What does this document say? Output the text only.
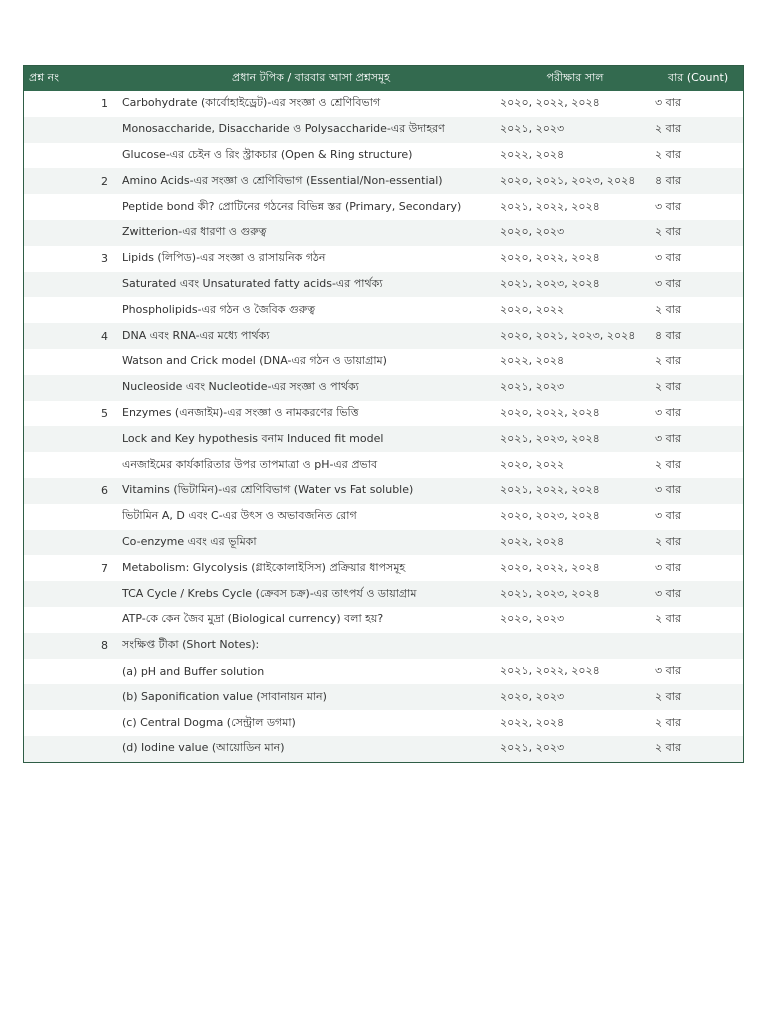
প্রশ্ন নং	প্রধান টপিক / বারবার আসা প্রশ্নসমূহ	পরীক্ষার সাল	বার (Count)
1	Carbohydrate (কার্বোহাইড্রেট)-এর সংজ্ঞা ও শ্রেণিবিভাগ	২০২০, ২০২২, ২০২৪	৩ বার
	Monosaccharide, Disaccharide ও Polysaccharide-এর উদাহরণ	২০২১, ২০২৩	২ বার
	Glucose-এর চেইন ও রিং স্ট্রাকচার (Open & Ring structure)	২০২২, ২০২৪	২ বার
2	Amino Acids-এর সংজ্ঞা ও শ্রেণিবিভাগ (Essential/Non-essential)	২০২০, ২০২১, ২০২৩, ২০২৪	৪ বার
	Peptide bond কী? প্রোটিনের গঠনের বিভিন্ন স্তর (Primary, Secondary)	২০২১, ২০২২, ২০২৪	৩ বার
	Zwitterion-এর ধারণা ও গুরুত্ব	২০২০, ২০২৩	২ বার
3	Lipids (লিপিড)-এর সংজ্ঞা ও রাসায়নিক গঠন	২০২০, ২০২২, ২০২৪	৩ বার
	Saturated এবং Unsaturated fatty acids-এর পার্থক্য	২০২১, ২০২৩, ২০২৪	৩ বার
	Phospholipids-এর গঠন ও জৈবিক গুরুত্ব	২০২০, ২০২২	২ বার
4	DNA এবং RNA-এর মধ্যে পার্থক্য	২০২০, ২০২১, ২০২৩, ২০২৪	৪ বার
	Watson and Crick model (DNA-এর গঠন ও ডায়াগ্রাম)	২০২২, ২০২৪	২ বার
	Nucleoside এবং Nucleotide-এর সংজ্ঞা ও পার্থক্য	২০২১, ২০২৩	২ বার
5	Enzymes (এনজাইম)-এর সংজ্ঞা ও নামকরণের ভিত্তি	২০২০, ২০২২, ২০২৪	৩ বার
	Lock and Key hypothesis বনাম Induced fit model	২০২১, ২০২৩, ২০২৪	৩ বার
	এনজাইমের কার্যকারিতার উপর তাপমাত্রা ও pH-এর প্রভাব	২০২০, ২০২২	২ বার
6	Vitamins (ভিটামিন)-এর শ্রেণিবিভাগ (Water vs Fat soluble)	২০২১, ২০২২, ২০২৪	৩ বার
	ভিটামিন A, D এবং C-এর উৎস ও অভাবজনিত রোগ	২০২০, ২০২৩, ২০২৪	৩ বার
	Co-enzyme এবং এর ভূমিকা	২০২২, ২০২৪	২ বার
7	Metabolism: Glycolysis (গ্লাইকোলাইসিস) প্রক্রিয়ার ধাপসমূহ	২০২০, ২০২২, ২০২৪	৩ বার
	TCA Cycle / Krebs Cycle (ক্রেবস চক্র)-এর তাৎপর্য ও ডায়াগ্রাম	২০২১, ২০২৩, ২০২৪	৩ বার
	ATP-কে কেন জৈব মুদ্রা (Biological currency) বলা হয়?	২০২০, ২০২৩	২ বার
8	সংক্ষিপ্ত টীকা (Short Notes):		
	(a) pH and Buffer solution	২০২১, ২০২২, ২০২৪	৩ বার
	(b) Saponification value (সাবানায়ন মান)	২০২০, ২০২৩	২ বার
	(c) Central Dogma (সেন্ট্রাল ডগমা)	২০২২, ২০২৪	২ বার
	(d) Iodine value (আয়োডিন মান)	২০২১, ২০২৩	২ বার
